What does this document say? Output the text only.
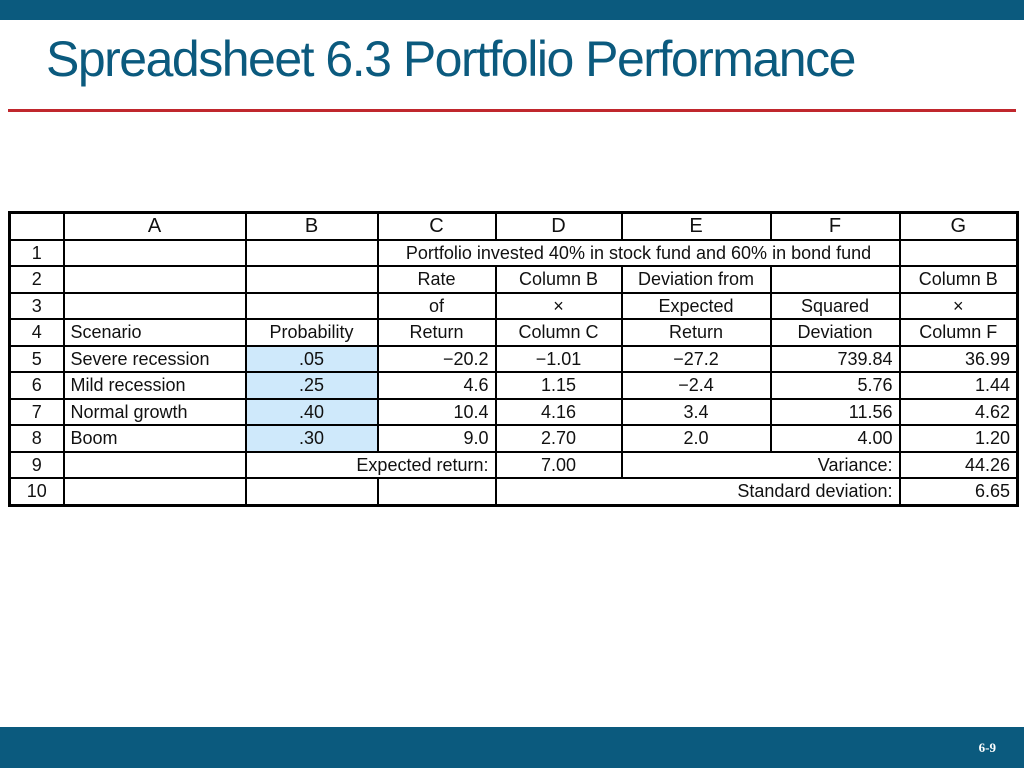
Spreadsheet 6.3 Portfolio Performance
	A	B	C	D	E	F	G
1			Portfolio invested 40% in stock fund and 60% in bond fund				
2			Rate	Column B	Deviation from		Column B
3			of	×	Expected	Squared	×
4	Scenario	Probability	Return	Column C	Return	Deviation	Column F
5	Severe recession	.05	−20.2	−1.01	−27.2	739.84	36.99
6	Mild recession	.25	4.6	1.15	−2.4	5.76	1.44
7	Normal growth	.40	10.4	4.16	3.4	11.56	4.62
8	Boom	.30	9.0	2.70	2.0	4.00	1.20
9		Expected return:		7.00	Variance:		44.26
10				Standard deviation:			6.65
6-9
